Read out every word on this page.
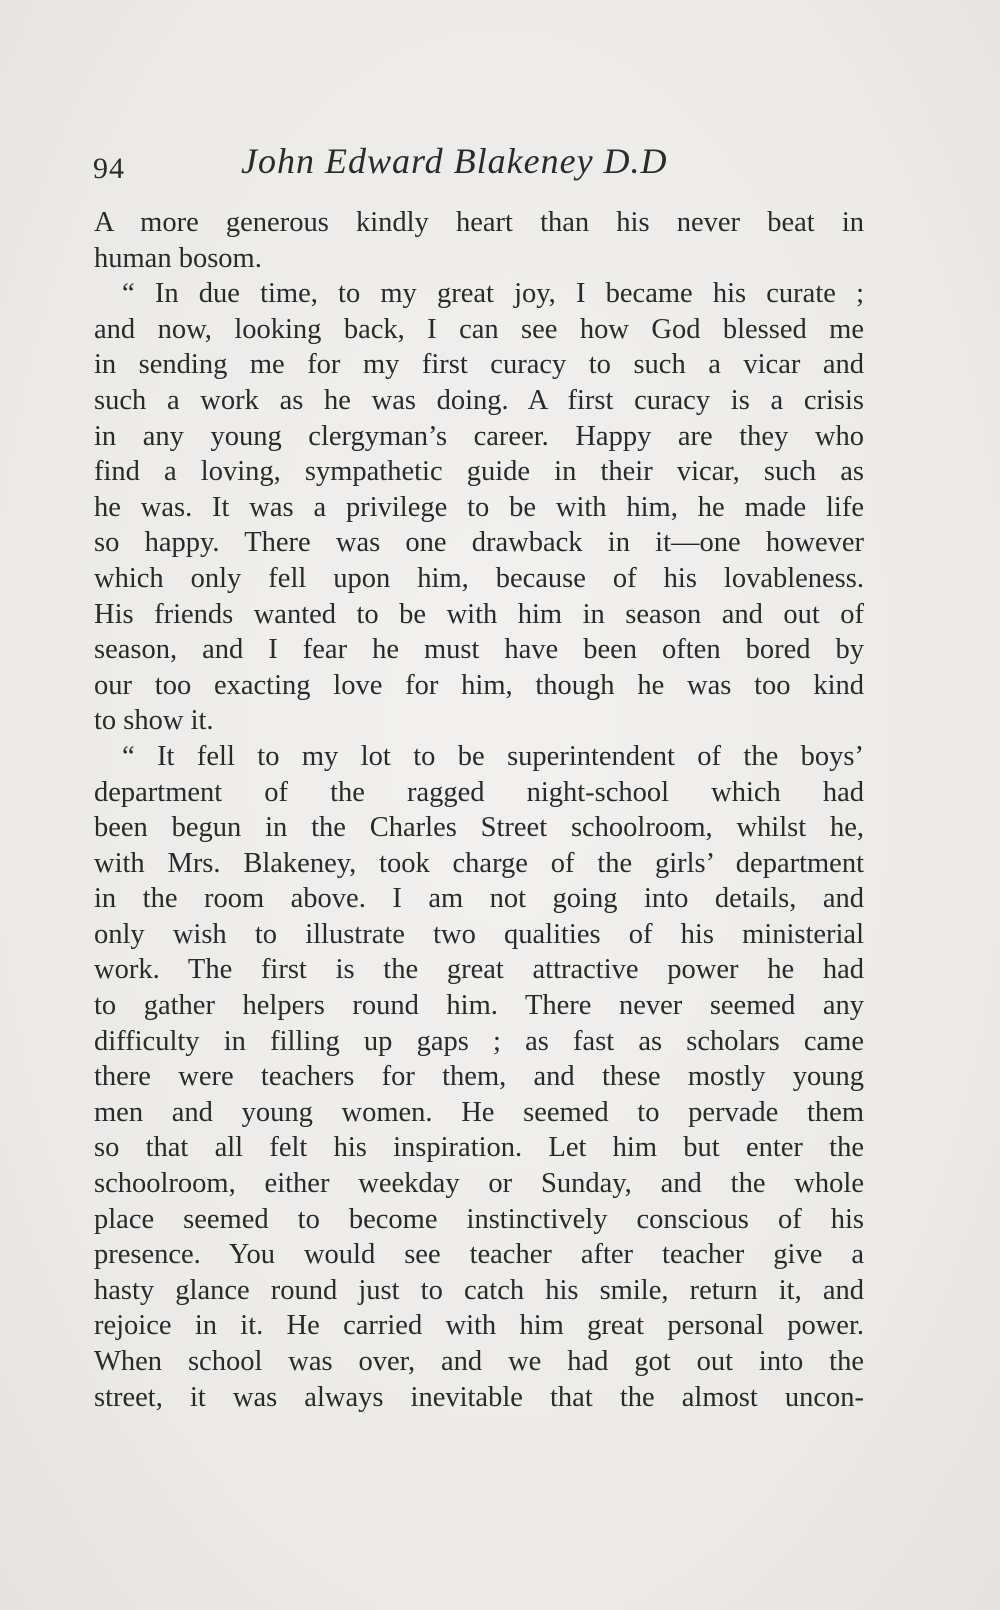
94	John Edward Blakeney D.D
A more generous kindly heart than his never beat in
human bosom.
“ In due time, to my great joy, I became his curate ;
and now, looking back, I can see how God blessed me
in sending me for my first curacy to such a vicar and
such a work as he was doing. A first curacy is a crisis
in any young clergyman’s career. Happy are they who
find a loving, sympathetic guide in their vicar, such as
he was. It was a privilege to be with him, he made life
so happy. There was one drawback in it—one however
which only fell upon him, because of his lovableness.
His friends wanted to be with him in season and out of
season, and I fear he must have been often bored by
our too exacting love for him, though he was too kind
to show it.
“ It fell to my lot to be superintendent of the boys’
department of the ragged night-school which had
been begun in the Charles Street schoolroom, whilst he,
with Mrs. Blakeney, took charge of the girls’ department
in the room above. I am not going into details, and
only wish to illustrate two qualities of his ministerial
work. The first is the great attractive power he had
to gather helpers round him. There never seemed any
difficulty in filling up gaps ; as fast as scholars came
there were teachers for them, and these mostly young
men and young women. He seemed to pervade them
so that all felt his inspiration. Let him but enter the
schoolroom, either weekday or Sunday, and the whole
place seemed to become instinctively conscious of his
presence. You would see teacher after teacher give a
hasty glance round just to catch his smile, return it, and
rejoice in it. He carried with him great personal power.
When school was over, and we had got out into the
street, it was always inevitable that the almost uncon-
